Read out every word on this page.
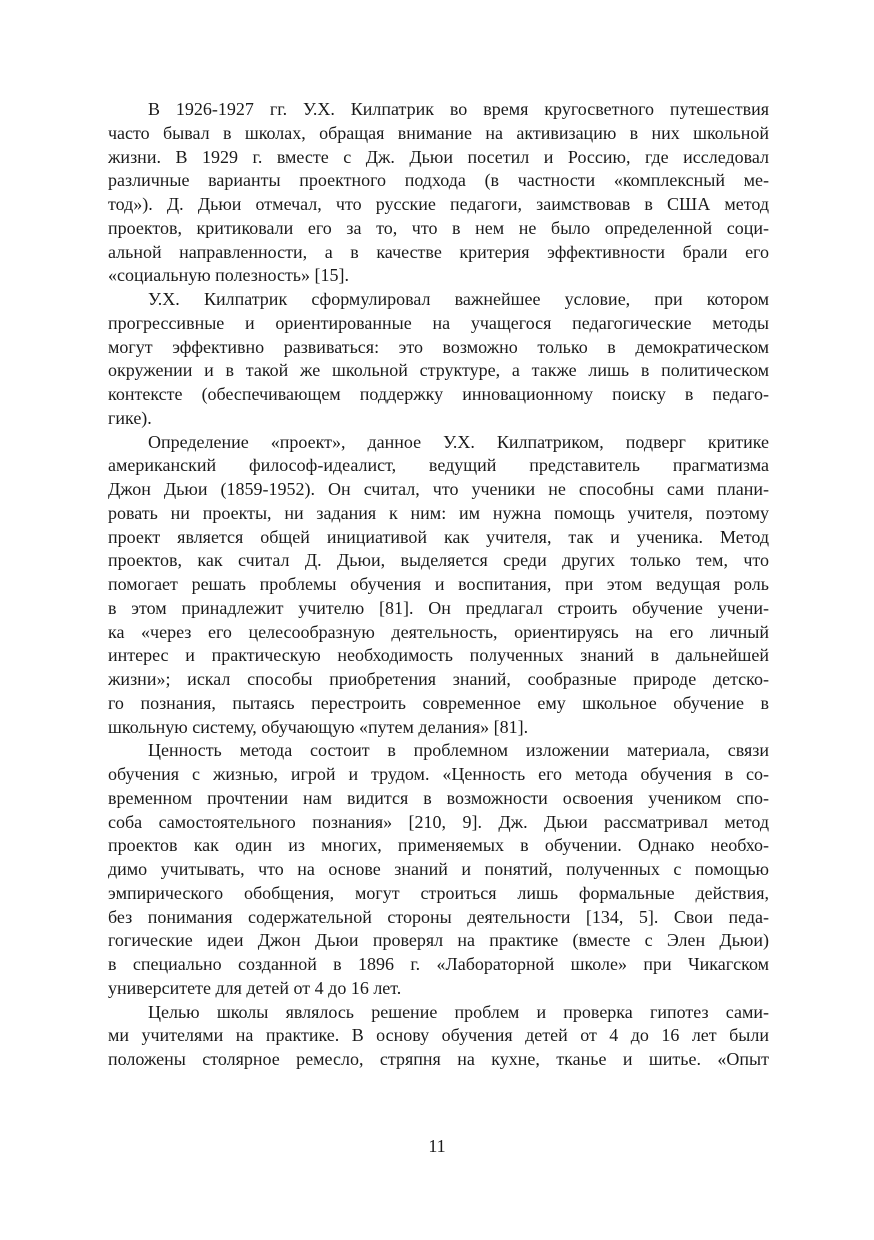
В 1926-1927 гг. У.Х. Килпатрик во время кругосветного путешествия
часто бывал в школах, обращая внимание на активизацию в них школьной
жизни. В 1929 г. вместе с Дж. Дьюи посетил и Россию, где исследовал
различные варианты проектного подхода (в частности «комплексный ме-
тод»). Д. Дьюи отмечал, что русские педагоги, заимствовав в США метод
проектов, критиковали его за то, что в нем не было определенной соци-
альной направленности, а в качестве критерия эффективности брали его
«социальную полезность» [15].
У.Х. Килпатрик сформулировал важнейшее условие, при котором
прогрессивные и ориентированные на учащегося педагогические методы
могут эффективно развиваться: это возможно только в демократическом
окружении и в такой же школьной структуре, а также лишь в политическом
контексте (обеспечивающем поддержку инновационному поиску в педаго-
гике).
Определение «проект», данное У.Х. Килпатриком, подверг критике
американский философ-идеалист, ведущий представитель прагматизма
Джон Дьюи (1859-1952). Он считал, что ученики не способны сами плани-
ровать ни проекты, ни задания к ним: им нужна помощь учителя, поэтому
проект является общей инициативой как учителя, так и ученика. Метод
проектов, как считал Д. Дьюи, выделяется среди других только тем, что
помогает решать проблемы обучения и воспитания, при этом ведущая роль
в этом принадлежит учителю [81]. Он предлагал строить обучение учени-
ка «через его целесообразную деятельность, ориентируясь на его личный
интерес и практическую необходимость полученных знаний в дальнейшей
жизни»; искал способы приобретения знаний, сообразные природе детско-
го познания, пытаясь перестроить современное ему школьное обучение в
школьную систему, обучающую «путем делания» [81].
Ценность метода состоит в проблемном изложении материала, связи
обучения с жизнью, игрой и трудом. «Ценность его метода обучения в со-
временном прочтении нам видится в возможности освоения учеником спо-
соба самостоятельного познания» [210, 9]. Дж. Дьюи рассматривал метод
проектов как один из многих, применяемых в обучении. Однако необхо-
димо учитывать, что на основе знаний и понятий, полученных с помощью
эмпирического обобщения, могут строиться лишь формальные действия,
без понимания содержательной стороны деятельности [134, 5]. Свои педа-
гогические идеи Джон Дьюи проверял на практике (вместе с Элен Дьюи)
в специально созданной в 1896 г. «Лабораторной школе» при Чикагском
университете для детей от 4 до 16 лет.
Целью школы являлось решение проблем и проверка гипотез сами-
ми учителями на практике. В основу обучения детей от 4 до 16 лет были
положены столярное ремесло, стряпня на кухне, тканье и шитье. «Опыт
11
